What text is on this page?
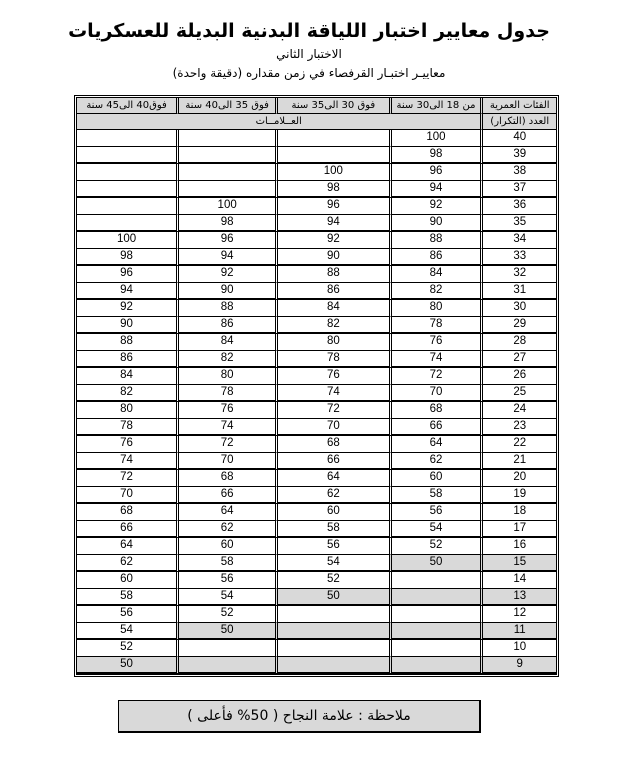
جدول معايير اختبار اللياقة البدنية البديلة للعسكريات
الاختبار الثاني
معاييـر اختبـار القرفصاء في زمن مقداره (دقيقة واحدة)
الفئات العمرية	من 18 الى30 سنة	فوق 30 الى35 سنة	فوق 35 الى40 سنة	فوق40 الى45 سنة
العدد (التكرار)	العــلامــات			
40	100			
39	98			
38	96	100		
37	94	98		
36	92	96	100	
35	90	94	98	
34	88	92	96	100
33	86	90	94	98
32	84	88	92	96
31	82	86	90	94
30	80	84	88	92
29	78	82	86	90
28	76	80	84	88
27	74	78	82	86
26	72	76	80	84
25	70	74	78	82
24	68	72	76	80
23	66	70	74	78
22	64	68	72	76
21	62	66	70	74
20	60	64	68	72
19	58	62	66	70
18	56	60	64	68
17	54	58	62	66
16	52	56	60	64
15	50	54	58	62
14		52	56	60
13		50	54	58
12			52	56
11			50	54
10				52
9				50
ملاحظة : علامة النجاح ( 50% فأعلى )
